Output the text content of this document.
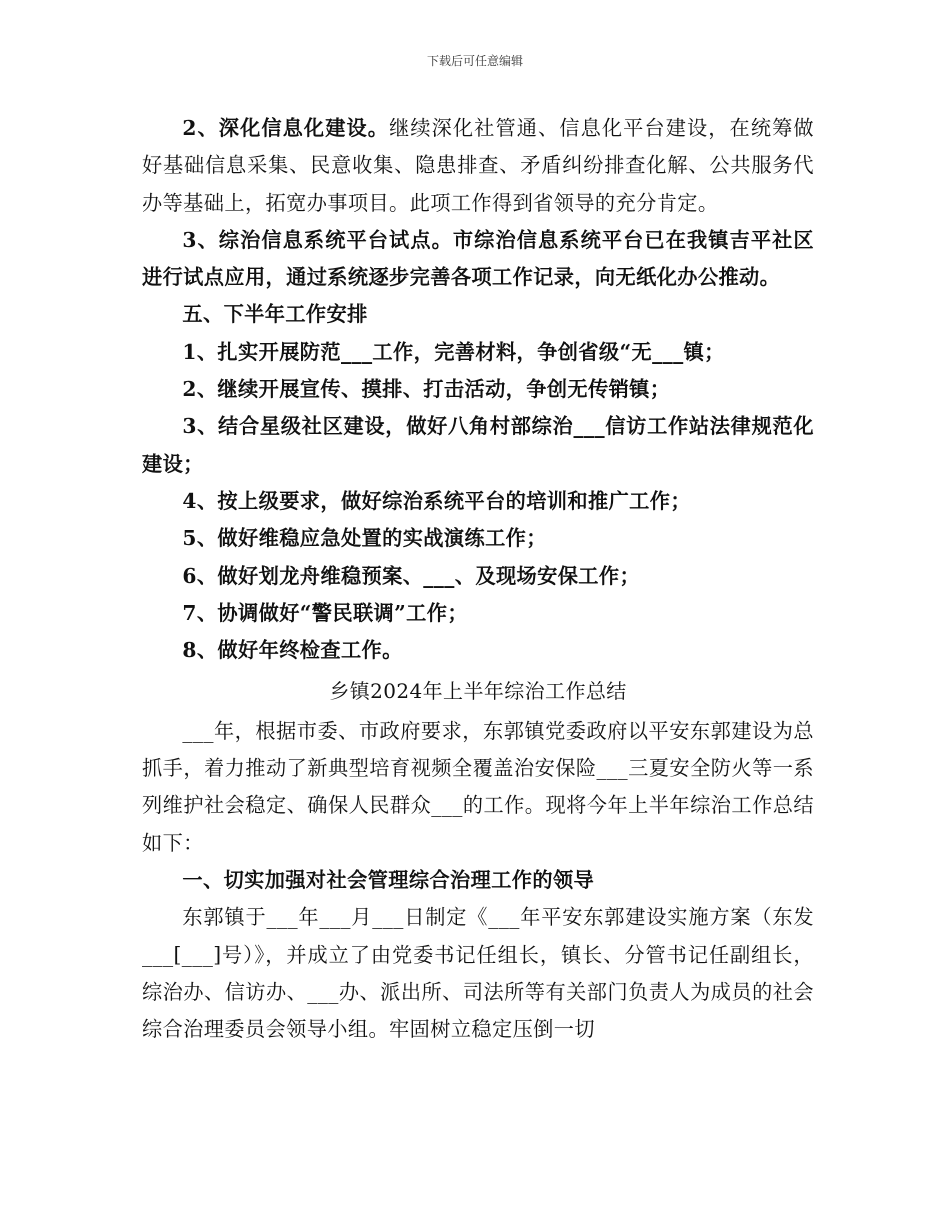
下载后可任意编辑

2、深化信息化建设。继续深化社管通、信息化平台建设，在统筹做好基础信息采集、民意收集、隐患排查、矛盾纠纷排查化解、公共服务代办等基础上，拓宽办事项目。此项工作得到省领导的充分肯定。

3、综治信息系统平台试点。市综治信息系统平台已在我镇吉平社区进行试点应用，通过系统逐步完善各项工作记录，向无纸化办公推动。

五、下半年工作安排

1、扎实开展防范___工作，完善材料，争创省级“无___镇；

2、继续开展宣传、摸排、打击活动，争创无传销镇；

3、结合星级社区建设，做好八角村部综治___信访工作站法律规范化建设；

4、按上级要求，做好综治系统平台的培训和推广工作；

5、做好维稳应急处置的实战演练工作；

6、做好划龙舟维稳预案、___、及现场安保工作；

7、协调做好“警民联调”工作；

8、做好年终检查工作。

乡镇2024年上半年综治工作总结

___年，根据市委、市政府要求，东郭镇党委政府以平安东郭建设为总抓手，着力推动了新典型培育视频全覆盖治安保险___三夏安全防火等一系列维护社会稳定、确保人民群众___的工作。现将今年上半年综治工作总结如下：

一、切实加强对社会管理综合治理工作的领导

东郭镇于___年___月___日制定《___年平安东郭建设实施方案（东发___[___]号）》，并成立了由党委书记任组长，镇长、分管书记任副组长，综治办、信访办、___办、派出所、司法所等有关部门负责人为成员的社会综合治理委员会领导小组。牢固树立稳定压倒一切
